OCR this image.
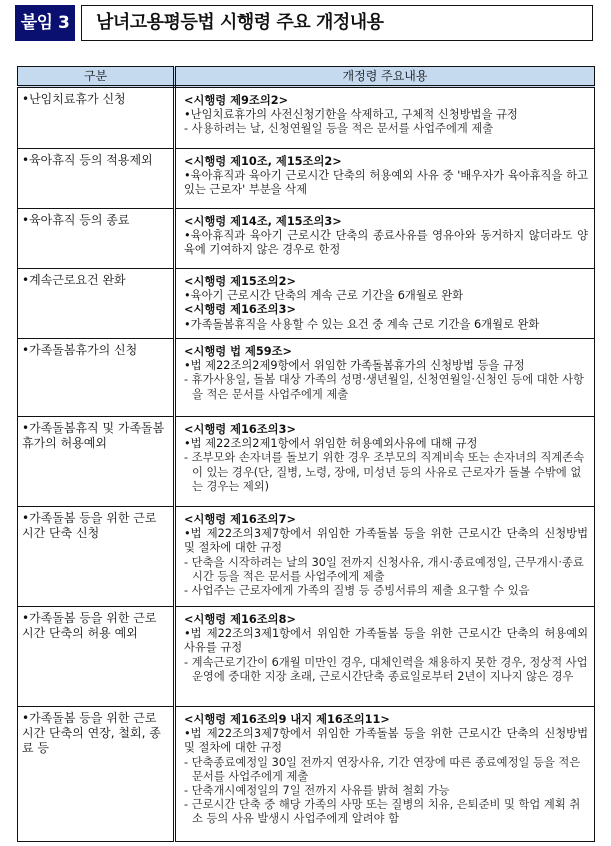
붙임 3	남녀고용평등법 시행령 주요 개정내용
구분	개정령 주요내용
•난임치료휴가 신청	<시행령 제9조의2>
•난임치료휴가의 사전신청기한을 삭제하고, 구체적 신청방법을 규정
- 사용하려는 날, 신청연월일 등을 적은 문서를 사업주에게 제출

•육아휴직 등의 적용제외	<시행령 제10조, 제15조의2>
•육아휴직과 육아기 근로시간 단축의 허용예외 사유 중 '배우자가 육아휴직을 하고 있는 근로자' 부분을 삭제

•육아휴직 등의 종료	<시행령 제14조, 제15조의3>
•육아휴직과 육아기 근로시간 단축의 종료사유를 영유아와 동거하지 않더라도 양육에 기여하지 않은 경우로 한정

•계속근로요건 완화	<시행령 제15조의2>
•육아기 근로시간 단축의 계속 근로 기간을 6개월로 완화
<시행령 제16조의3>
•가족돌봄휴직을 사용할 수 있는 요건 중 계속 근로 기간을 6개월로 완화

•가족돌봄휴가의 신청	<시행령 법 제59조>
•법 제22조의2제9항에서 위임한 가족돌봄휴가의 신청방법 등을 규정
- 휴가사용일, 돌봄 대상 가족의 성명·생년월일, 신청연월일·신청인 등에 대한 사항을 적은 문서를 사업주에게 제출

•가족돌봄휴직 및 가족돌봄휴가의 허용예외	<시행령 제16조의3>
•법 제22조의2제1항에서 위임한 허용예외사유에 대해 규정
- 조부모와 손자녀를 돌보기 위한 경우 조부모의 직계비속 또는 손자녀의 직계존속이 있는 경우(단, 질병, 노령, 장애, 미성년 등의 사유로 근로자가 돌볼 수밖에 없는 경우는 제외)

•가족돌봄 등을 위한 근로시간 단축 신청	<시행령 제16조의7>
•법 제22조의3제7항에서 위임한 가족돌봄 등을 위한 근로시간 단축의 신청방법 및 절차에 대한 규정
- 단축을 시작하려는 날의 30일 전까지 신청사유, 개시·종료예정일, 근무개시·종료시간 등을 적은 문서를 사업주에게 제출
- 사업주는 근로자에게 가족의 질병 등 증빙서류의 제출 요구할 수 있음

•가족돌봄 등을 위한 근로시간 단축의 허용 예외	<시행령 제16조의8>
•법 제22조의3제1항에서 위임한 가족돌봄 등을 위한 근로시간 단축의 허용예외 사유를 규정
- 계속근로기간이 6개월 미만인 경우, 대체인력을 채용하지 못한 경우, 정상적 사업운영에 중대한 지장 초래, 근로시간단축 종료일로부터 2년이 지나지 않은 경우

•가족돌봄 등을 위한 근로시간 단축의 연장, 철회, 종료 등	<시행령 제16조의9 내지 제16조의11>
•법 제22조의3제7항에서 위임한 가족돌봄 등을 위한 근로시간 단축의 신청방법 및 절차에 대한 규정
- 단축종료예정일 30일 전까지 연장사유, 기간 연장에 따른 종료예정일 등을 적은 문서를 사업주에게 제출
- 단축개시예정일의 7일 전까지 사유를 밝혀 철회 가능
- 근로시간 단축 중 해당 가족의 사망 또는 질병의 치유, 은퇴준비 및 학업 계획 취소 등의 사유 발생시 사업주에게 알려야 함
